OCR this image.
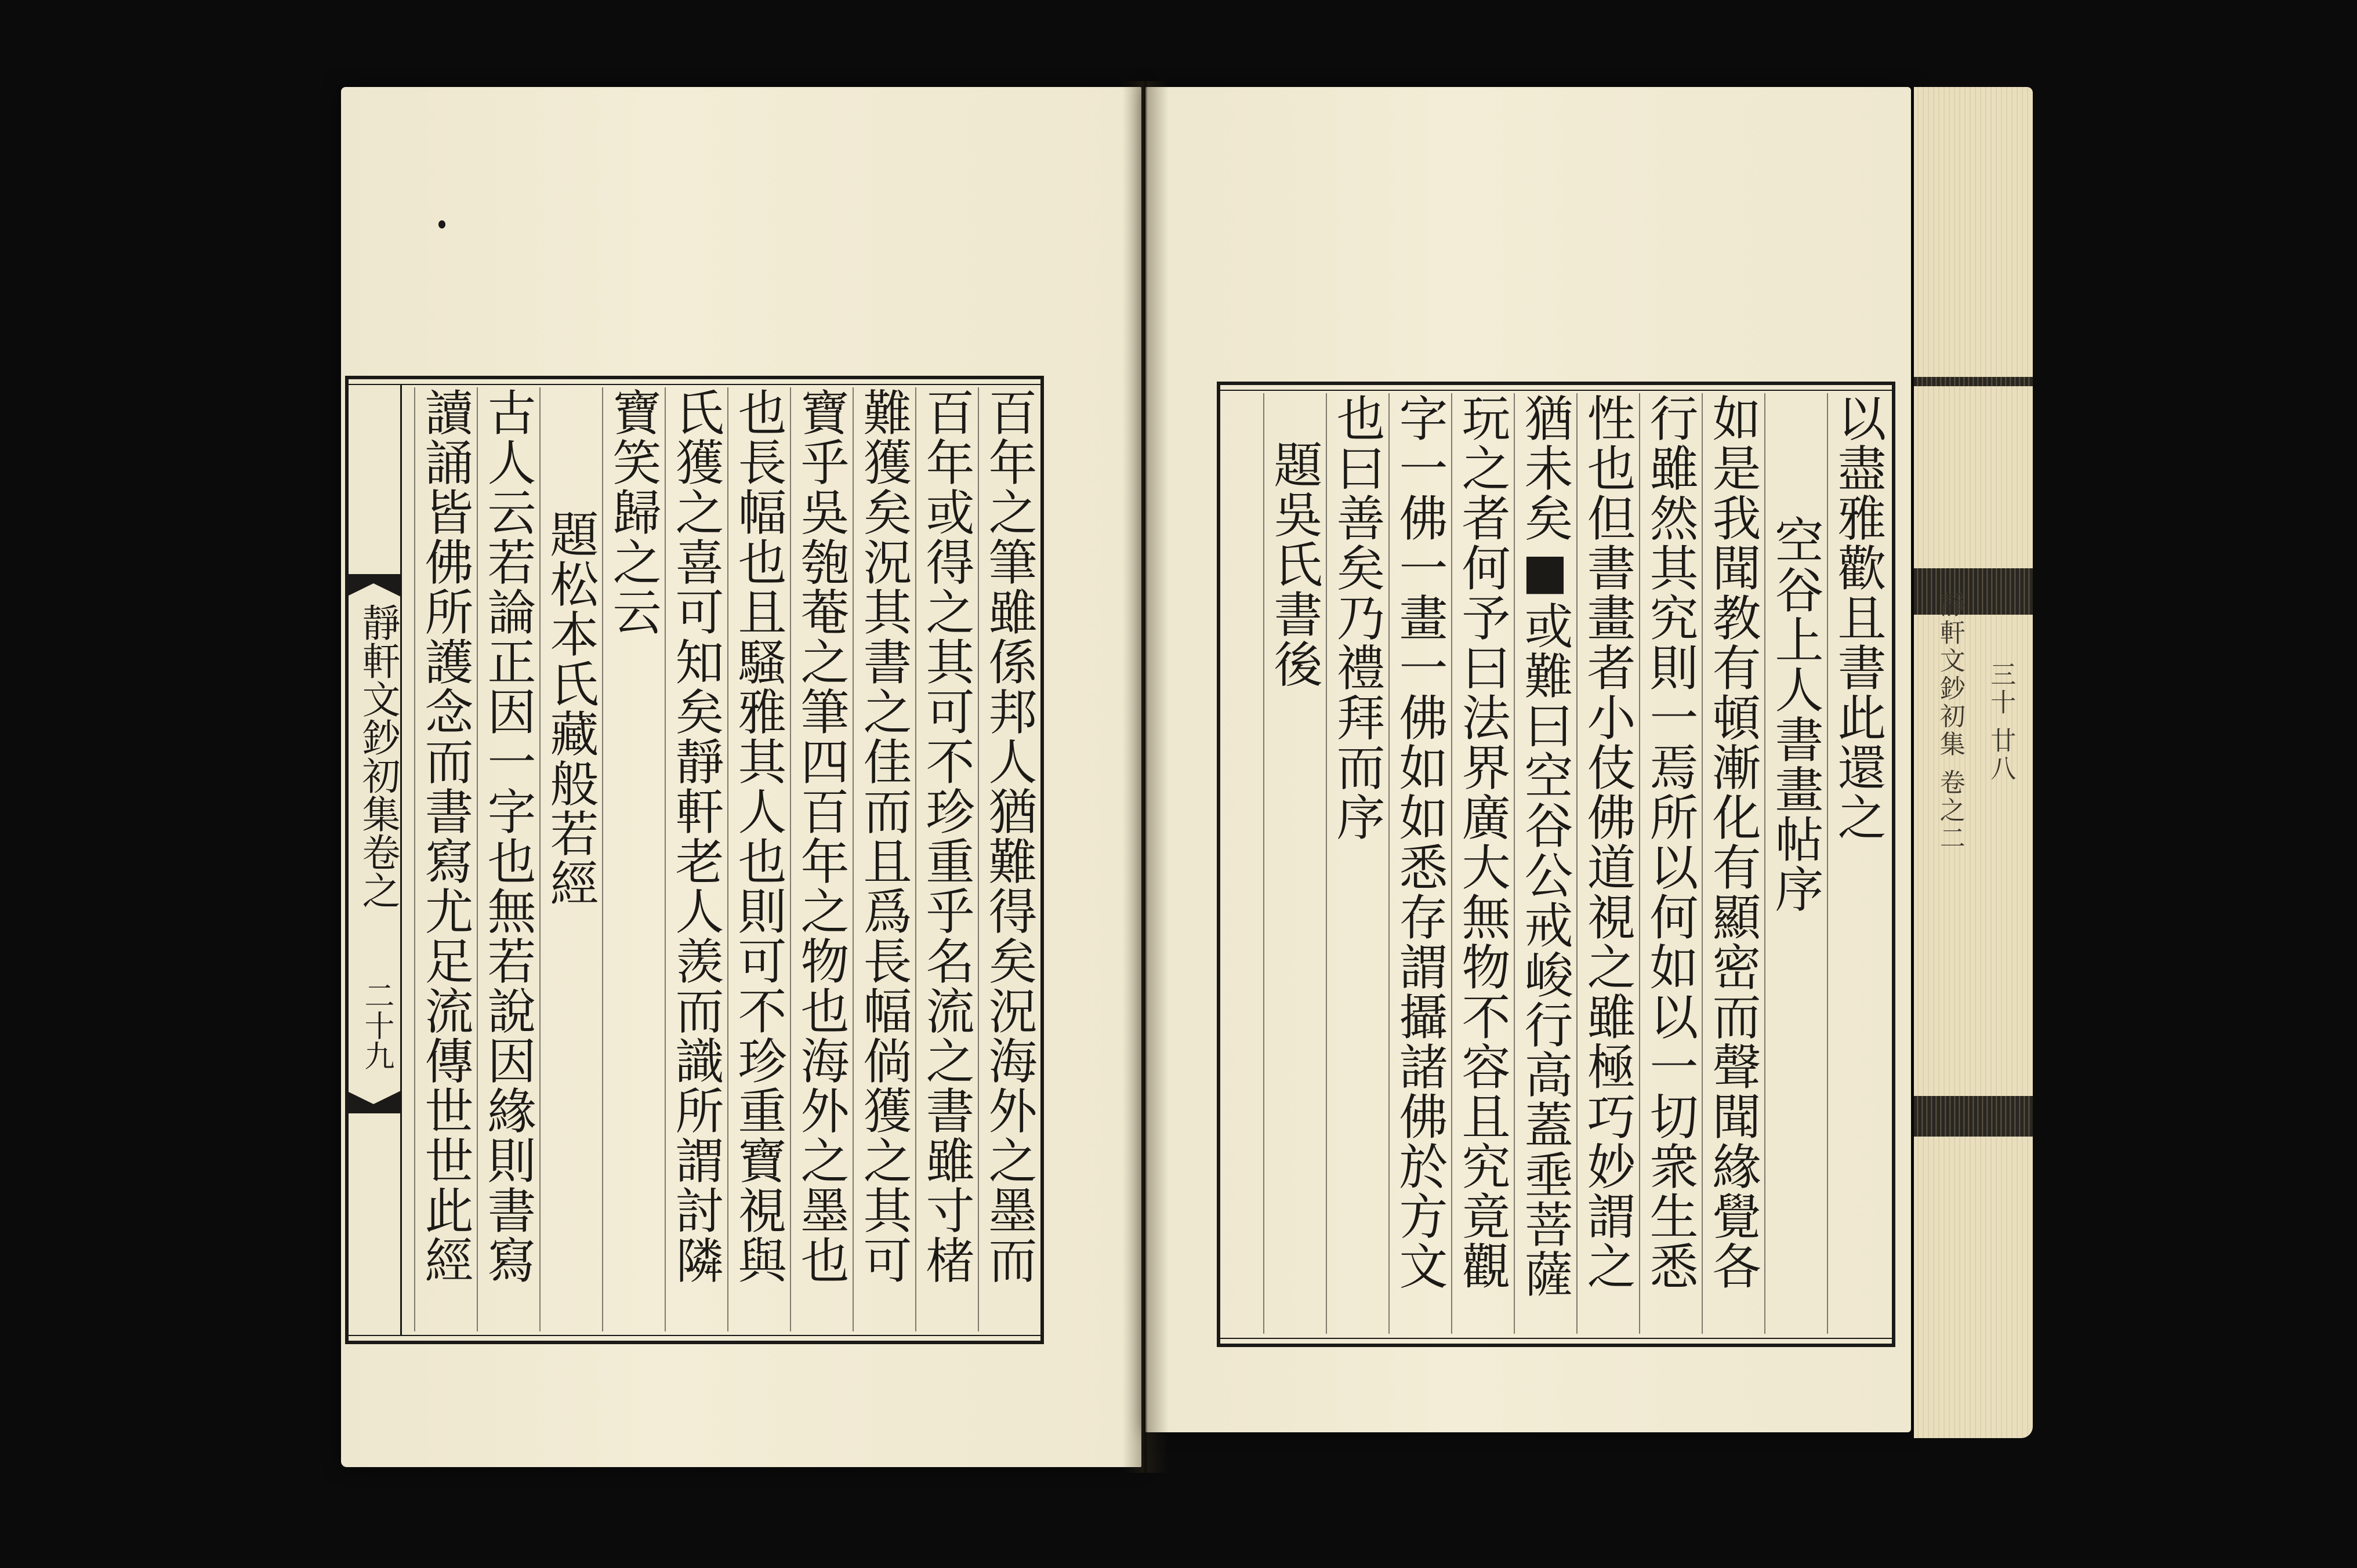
靜軒文鈔初集 卷之二 三十 廿八
靜軒文鈔初集卷之
二十九
百年之筆雖係邦人猶難得矣況海外之墨而
百年或得之其可不珍重乎名流之書雖寸楮
難獲矣況其書之佳而且爲長幅倘獲之其可
寶乎吳匏菴之筆四百年之物也海外之墨也
也長幅也且騷雅其人也則可不珍重寶視與
氏獲之喜可知矣靜軒老人羡而識所謂討隣
寶笑歸之云
題松本氏藏般若經
古人云若論正因一字也無若說因緣則書寫
讀誦皆佛所護念而書寫尤足流傳世世此經
以盡雅歡且書此還之
空谷上人書畫帖序
如是我聞教有頓漸化有顯密而聲聞緣覺各
行雖然其究則一焉所以何如以一切衆生悉
性也但書畫者小伎佛道視之雖極巧妙謂之
猶未矣■或難曰空谷公戒峻行高蓋埀菩薩
玩之者何予曰法界廣大無物不容且究竟觀
字一佛一畫一佛如如悉存謂攝諸佛於方文
也曰善矣乃禮拜而序
題吳氏書後
